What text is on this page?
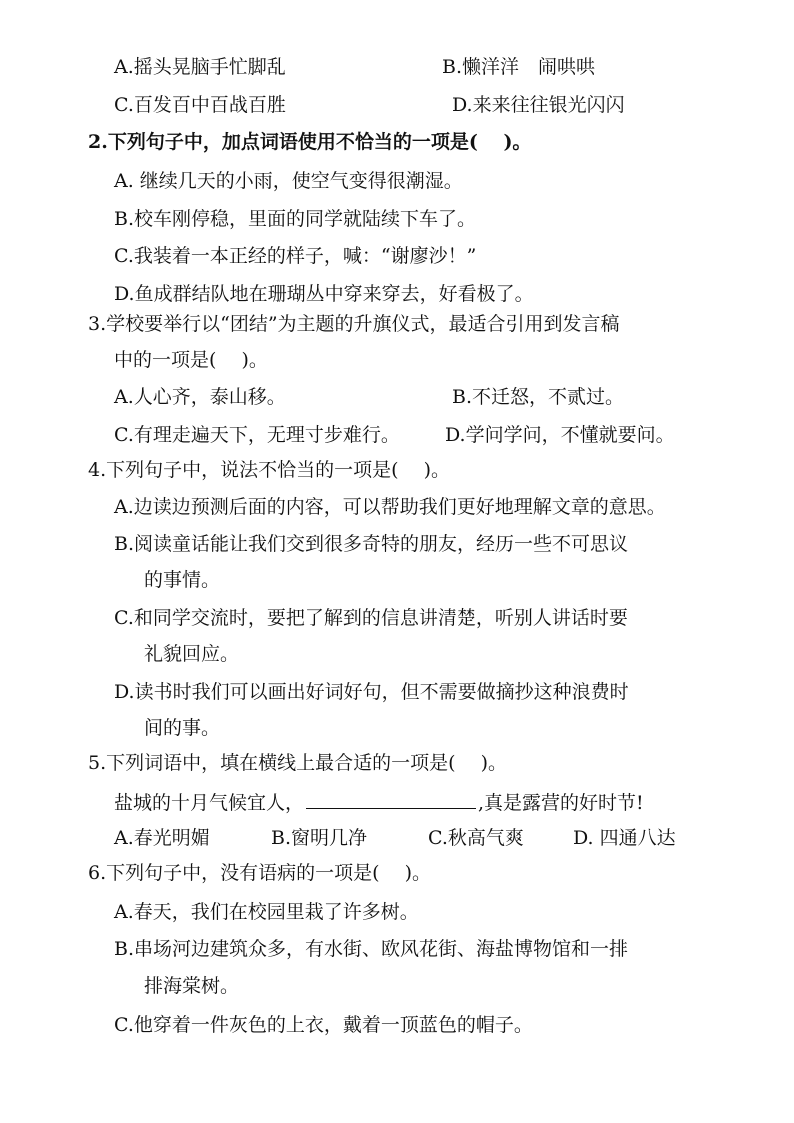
A.摇头晃脑手忙脚乱	B.懒洋洋　闹哄哄
C.百发百中百战百胜	D.来来往往银光闪闪
2.下列句子中，加点词语使用不恰当的一项是(　 )。
A. 继续几天的小雨，使空气变得很潮湿。
B.校车刚停稳，里面的同学就陆续下车了。
C.我装着一本正经的样子，喊：“谢廖沙！”
D.鱼成群结队地在珊瑚丛中穿来穿去，好看极了。
3.学校要举行以“团结”为主题的升旗仪式，最适合引用到发言稿
中的一项是(　 )。
A.人心齐，泰山移。	B.不迁怒，不贰过。
C.有理走遍天下，无理寸步难行。 D.学问学问，不懂就要问。
4.下列句子中，说法不恰当的一项是(　 )。
A.边读边预测后面的内容，可以帮助我们更好地理解文章的意思。
B.阅读童话能让我们交到很多奇特的朋友，经历一些不可思议
的事情。
C.和同学交流时，要把了解到的信息讲清楚，听别人讲话时要
礼貌回应。
D.读书时我们可以画出好词好句，但不需要做摘抄这种浪费时
间的事。
5.下列词语中，填在横线上最合适的一项是(　 )。
盐城的十月气候宜人，	,真是露营的好时节!
A.春光明媚	B.窗明几净	C.秋高气爽	D. 四通八达
6.下列句子中，没有语病的一项是(　 )。
A.春天，我们在校园里栽了许多树。
B.串场河边建筑众多，有水街、欧风花街、海盐博物馆和一排
排海棠树。
C.他穿着一件灰色的上衣，戴着一顶蓝色的帽子。
